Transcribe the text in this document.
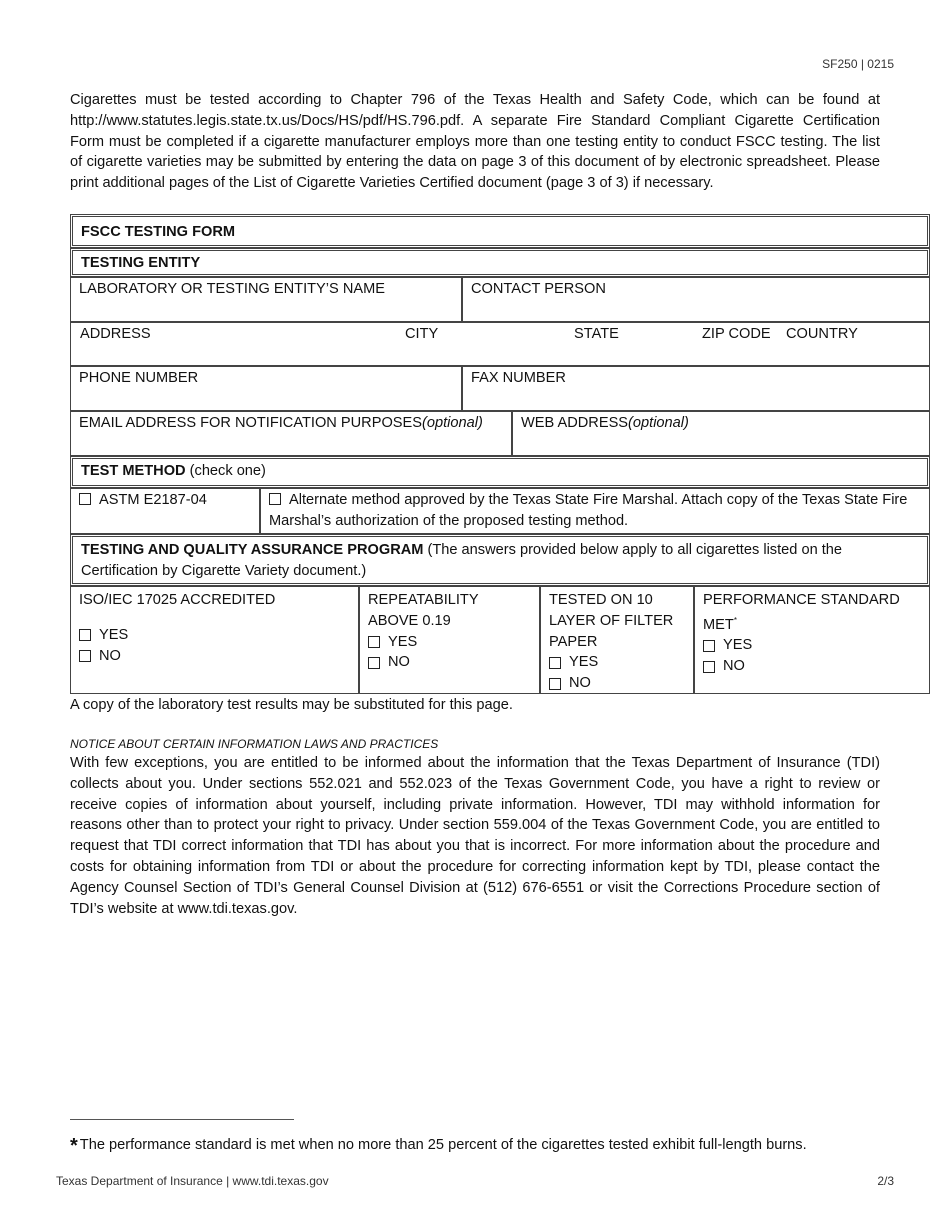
SF250 | 0215

Cigarettes must be tested according to Chapter 796 of the Texas Health and Safety Code, which can be found at http://www.statutes.legis.state.tx.us/Docs/HS/pdf/HS.796.pdf. A separate Fire Standard Compliant Cigarette Certification Form must be completed if a cigarette manufacturer employs more than one testing entity to conduct FSCC testing. The list of cigarette varieties may be submitted by entering the data on page 3 of this document of by electronic spreadsheet. Please print additional pages of the List of Cigarette Varieties Certified document (page 3 of 3) if necessary.

FSCC TESTING FORM
TESTING ENTITY
LABORATORY OR TESTING ENTITY’S NAME	CONTACT PERSON
ADDRESS	CITY	STATE	ZIP CODE COUNTRY
PHONE NUMBER	FAX NUMBER
EMAIL ADDRESS FOR NOTIFICATION PURPOSES(optional)	WEB ADDRESS(optional)
TEST METHOD (check one)
ASTM E2187-04	Alternate method approved by the Texas State Fire Marshal. Attach copy of the Texas State Fire Marshal’s authorization of the proposed testing method.
TESTING AND QUALITY ASSURANCE PROGRAM (The answers provided below apply to all cigarettes listed on the Certification by Cigarette Variety document.)
ISO/IEC 17025 ACCREDITED
YES
NO
REPEATABILITY ABOVE 0.19
YES
NO
TESTED ON 10 LAYER OF FILTER PAPER
YES
NO
PERFORMANCE STANDARD MET*
YES
NO
A copy of the laboratory test results may be substituted for this page.
NOTICE ABOUT CERTAIN INFORMATION LAWS AND PRACTICES

With few exceptions, you are entitled to be informed about the information that the Texas Department of Insurance (TDI) collects about you. Under sections 552.021 and 552.023 of the Texas Government Code, you have a right to review or receive copies of information about yourself, including private information. However, TDI may withhold information for reasons other than to protect your right to privacy. Under section 559.004 of the Texas Government Code, you are entitled to request that TDI correct information that TDI has about you that is incorrect. For more information about the procedure and costs for obtaining information from TDI or about the procedure for correcting information kept by TDI, please contact the Agency Counsel Section of TDI’s General Counsel Division at (512) 676-6551 or visit the Corrections Procedure section of TDI’s website at www.tdi.texas.gov.

* The performance standard is met when no more than 25 percent of the cigarettes tested exhibit full-length burns.
Texas Department of Insurance | www.tdi.texas.gov	2/3
